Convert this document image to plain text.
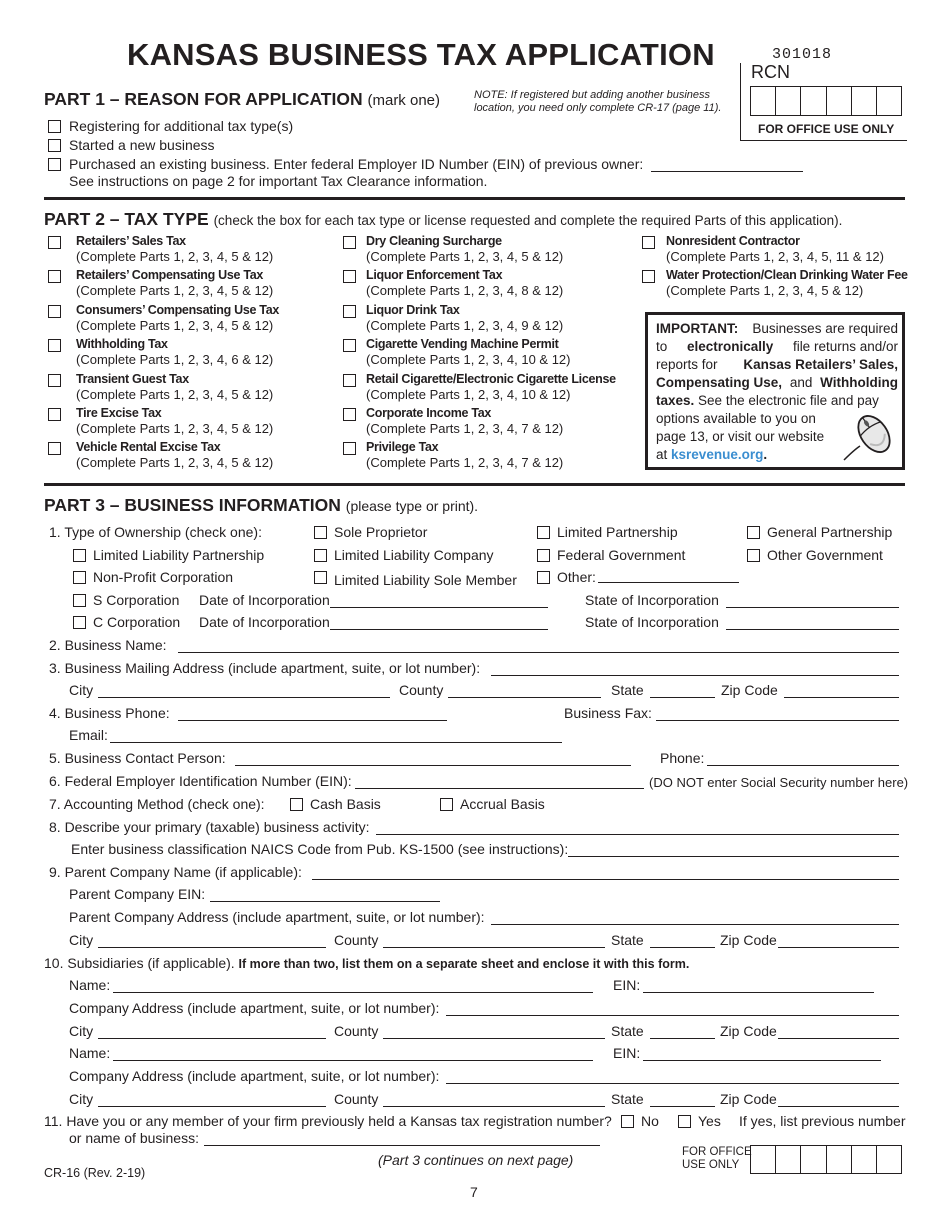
KANSAS BUSINESS TAX APPLICATION	301018
RCN
FOR OFFICE USE ONLY
PART 1 – REASON FOR APPLICATION (mark one)	NOTE: If registered but adding another business
location, you need only complete CR-17 (page 11).
Registering for additional tax type(s)
Started a new business
Purchased an existing business. Enter federal Employer ID Number (EIN) of previous owner:
See instructions on page 2 for important Tax Clearance information.
PART 2 – TAX TYPE (check the box for each tax type or license requested and complete the required Parts of this application).
Retailers’ Sales Tax
(Complete Parts 1, 2, 3, 4, 5 & 12)
Retailers’ Compensating Use Tax
(Complete Parts 1, 2, 3, 4, 5 & 12)
Consumers’ Compensating Use Tax
(Complete Parts 1, 2, 3, 4, 5 & 12)
Withholding Tax
(Complete Parts 1, 2, 3, 4, 6 & 12)
Transient Guest Tax
(Complete Parts 1, 2, 3, 4, 5 & 12)
Tire Excise Tax
(Complete Parts 1, 2, 3, 4, 5 & 12)
Vehicle Rental Excise Tax
(Complete Parts 1, 2, 3, 4, 5 & 12)
Dry Cleaning Surcharge
(Complete Parts 1, 2, 3, 4, 5 & 12)
Liquor Enforcement Tax
(Complete Parts 1, 2, 3, 4, 8 & 12)
Liquor Drink Tax
(Complete Parts 1, 2, 3, 4, 9 & 12)
Cigarette Vending Machine Permit
(Complete Parts 1, 2, 3, 4, 10 & 12)
Retail Cigarette/Electronic Cigarette License
(Complete Parts 1, 2, 3, 4, 10 & 12)
Corporate Income Tax
(Complete Parts 1, 2, 3, 4, 7 & 12)
Privilege Tax
(Complete Parts 1, 2, 3, 4, 7 & 12)
Nonresident Contractor
(Complete Parts 1, 2, 3, 4, 5, 11 & 12)
Water Protection/Clean Drinking Water Fee
(Complete Parts 1, 2, 3, 4, 5 & 12)
IMPORTANT: Businesses are required
to electronically file returns and/or
reports for Kansas Retailers’ Sales,
Compensating Use, and Withholding
taxes. See the electronic file and pay
options available to you on
page 13, or visit our website
at ksrevenue.org.
PART 3 – BUSINESS INFORMATION (please type or print).
1. Type of Ownership (check one):	Sole Proprietor	Limited Partnership	General Partnership
Limited Liability Partnership	Limited Liability Company	Federal Government	Other Government
Non-Profit Corporation	Limited Liability Sole Member	Other:
S Corporation Date of Incorporation	State of Incorporation
C Corporation Date of Incorporation	State of Incorporation
2. Business Name:
3. Business Mailing Address (include apartment, suite, or lot number):
City	County	State	Zip Code
4. Business Phone:	Business Fax:
Email:
5. Business Contact Person:	Phone:
6. Federal Employer Identification Number (EIN):	(DO NOT enter Social Security number here)
7. Accounting Method (check one):	Cash Basis	Accrual Basis
8. Describe your primary (taxable) business activity:
Enter business classification NAICS Code from Pub. KS-1500 (see instructions):
9. Parent Company Name (if applicable):
Parent Company EIN:
Parent Company Address (include apartment, suite, or lot number):
City	County	State	Zip Code
10. Subsidiaries (if applicable). If more than two, list them on a separate sheet and enclose it with this form.
Name:	EIN:
Company Address (include apartment, suite, or lot number):
City	County	State	Zip Code
Name:	EIN:
Company Address (include apartment, suite, or lot number):
City	County	State	Zip Code
11. Have you or any member of your firm previously held a Kansas tax registration number? No	Yes If yes, list previous number
or name of business:
(Part 3 continues on next page)	FOR OFFICE
USE ONLY
CR-16 (Rev. 2-19)
7
